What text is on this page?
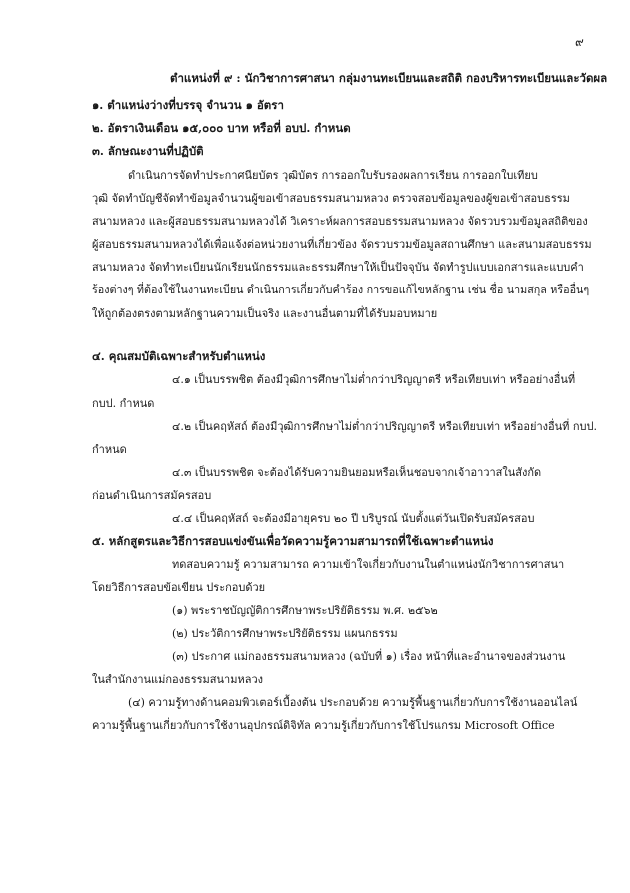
๙
ตำแหน่งที่ ๙ : นักวิชาการศาสนา กลุ่มงานทะเบียนและสถิติ กองบริหารทะเบียนและวัดผล
๑. ตำแหน่งว่างที่บรรจุ จำนวน ๑ อัตรา
๒. อัตราเงินเดือน ๑๕,๐๐๐ บาท หรือที่ อบป. กำหนด
๓. ลักษณะงานที่ปฏิบัติ
ดำเนินการจัดทำประกาศนียบัตร วุฒิบัตร การออกใบรับรองผลการเรียน การออกใบเทียบ
วุฒิ จัดทำบัญชีจัดทำข้อมูลจำนวนผู้ขอเข้าสอบธรรมสนามหลวง ตรวจสอบข้อมูลของผู้ขอเข้าสอบธรรม
สนามหลวง และผู้สอบธรรมสนามหลวงได้ วิเคราะห์ผลการสอบธรรมสนามหลวง จัดรวบรวมข้อมูลสถิติของ
ผู้สอบธรรมสนามหลวงได้เพื่อแจ้งต่อหน่วยงานที่เกี่ยวข้อง จัดรวบรวมข้อมูลสถานศึกษา และสนามสอบธรรม
สนามหลวง จัดทำทะเบียนนักเรียนนักธรรมและธรรมศึกษาให้เป็นปัจจุบัน จัดทำรูปแบบเอกสารและแบบคำ
ร้องต่างๆ ที่ต้องใช้ในงานทะเบียน ดำเนินการเกี่ยวกับคำร้อง การขอแก้ไขหลักฐาน เช่น ชื่อ นามสกุล หรืออื่นๆ
ให้ถูกต้องตรงตามหลักฐานความเป็นจริง และงานอื่นตามที่ได้รับมอบหมาย
๔. คุณสมบัติเฉพาะสำหรับตำแหน่ง
๔.๑ เป็นบรรพชิต ต้องมีวุฒิการศึกษาไม่ต่ำกว่าปริญญาตรี หรือเทียบเท่า หรืออย่างอื่นที่
กบป. กำหนด
๔.๒ เป็นคฤหัสถ์ ต้องมีวุฒิการศึกษาไม่ต่ำกว่าปริญญาตรี หรือเทียบเท่า หรืออย่างอื่นที่ กบป.
กำหนด
๔.๓ เป็นบรรพชิต จะต้องได้รับความยินยอมหรือเห็นชอบจากเจ้าอาวาสในสังกัด
ก่อนดำเนินการสมัครสอบ
๔.๔ เป็นคฤหัสถ์ จะต้องมีอายุครบ ๒๐ ปี บริบูรณ์ นับตั้งแต่วันเปิดรับสมัครสอบ
๕. หลักสูตรและวิธีการสอบแข่งขันเพื่อวัดความรู้ความสามารถที่ใช้เฉพาะตำแหน่ง
ทดสอบความรู้ ความสามารถ ความเข้าใจเกี่ยวกับงานในตำแหน่งนักวิชาการศาสนา
โดยวิธีการสอบข้อเขียน ประกอบด้วย
(๑) พระราชบัญญัติการศึกษาพระปริยัติธรรม พ.ศ. ๒๕๖๒
(๒) ประวัติการศึกษาพระปริยัติธรรม แผนกธรรม
(๓) ประกาศ แม่กองธรรมสนามหลวง (ฉบับที่ ๑) เรื่อง หน้าที่และอำนาจของส่วนงาน
ในสำนักงานแม่กองธรรมสนามหลวง
(๔) ความรู้ทางด้านคอมพิวเตอร์เบื้องต้น ประกอบด้วย ความรู้พื้นฐานเกี่ยวกับการใช้งานออนไลน์
ความรู้พื้นฐานเกี่ยวกับการใช้งานอุปกรณ์ดิจิทัล ความรู้เกี่ยวกับการใช้โปรแกรม Microsoft Office
